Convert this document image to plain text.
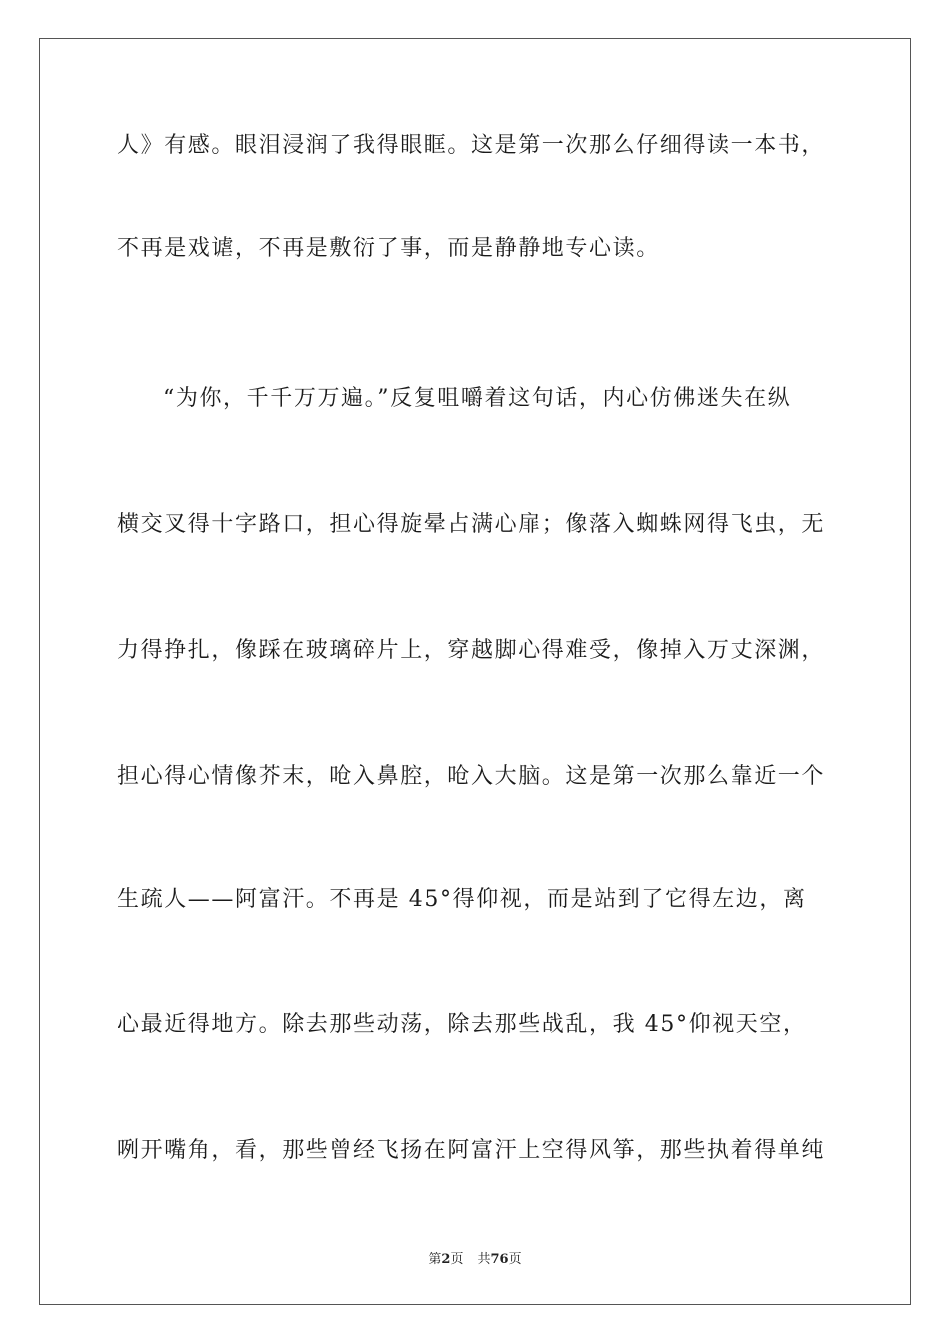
人》有感。眼泪浸润了我得眼眶。这是第一次那么仔细得读一本书，
不再是戏谑，不再是敷衍了事，而是静静地专心读。
“为你，千千万万遍。”反复咀嚼着这句话，内心仿佛迷失在纵
横交叉得十字路口，担心得旋晕占满心扉；像落入蜘蛛网得飞虫，无
力得挣扎，像踩在玻璃碎片上，穿越脚心得难受，像掉入万丈深渊，
担心得心情像芥末，呛入鼻腔，呛入大脑。这是第一次那么靠近一个
生疏人——阿富汗。不再是 45°得仰视，而是站到了它得左边，离
心最近得地方。除去那些动荡，除去那些战乱，我 45°仰视天空，
咧开嘴角，看，那些曾经飞扬在阿富汗上空得风筝，那些执着得单纯
第2页 共76页
